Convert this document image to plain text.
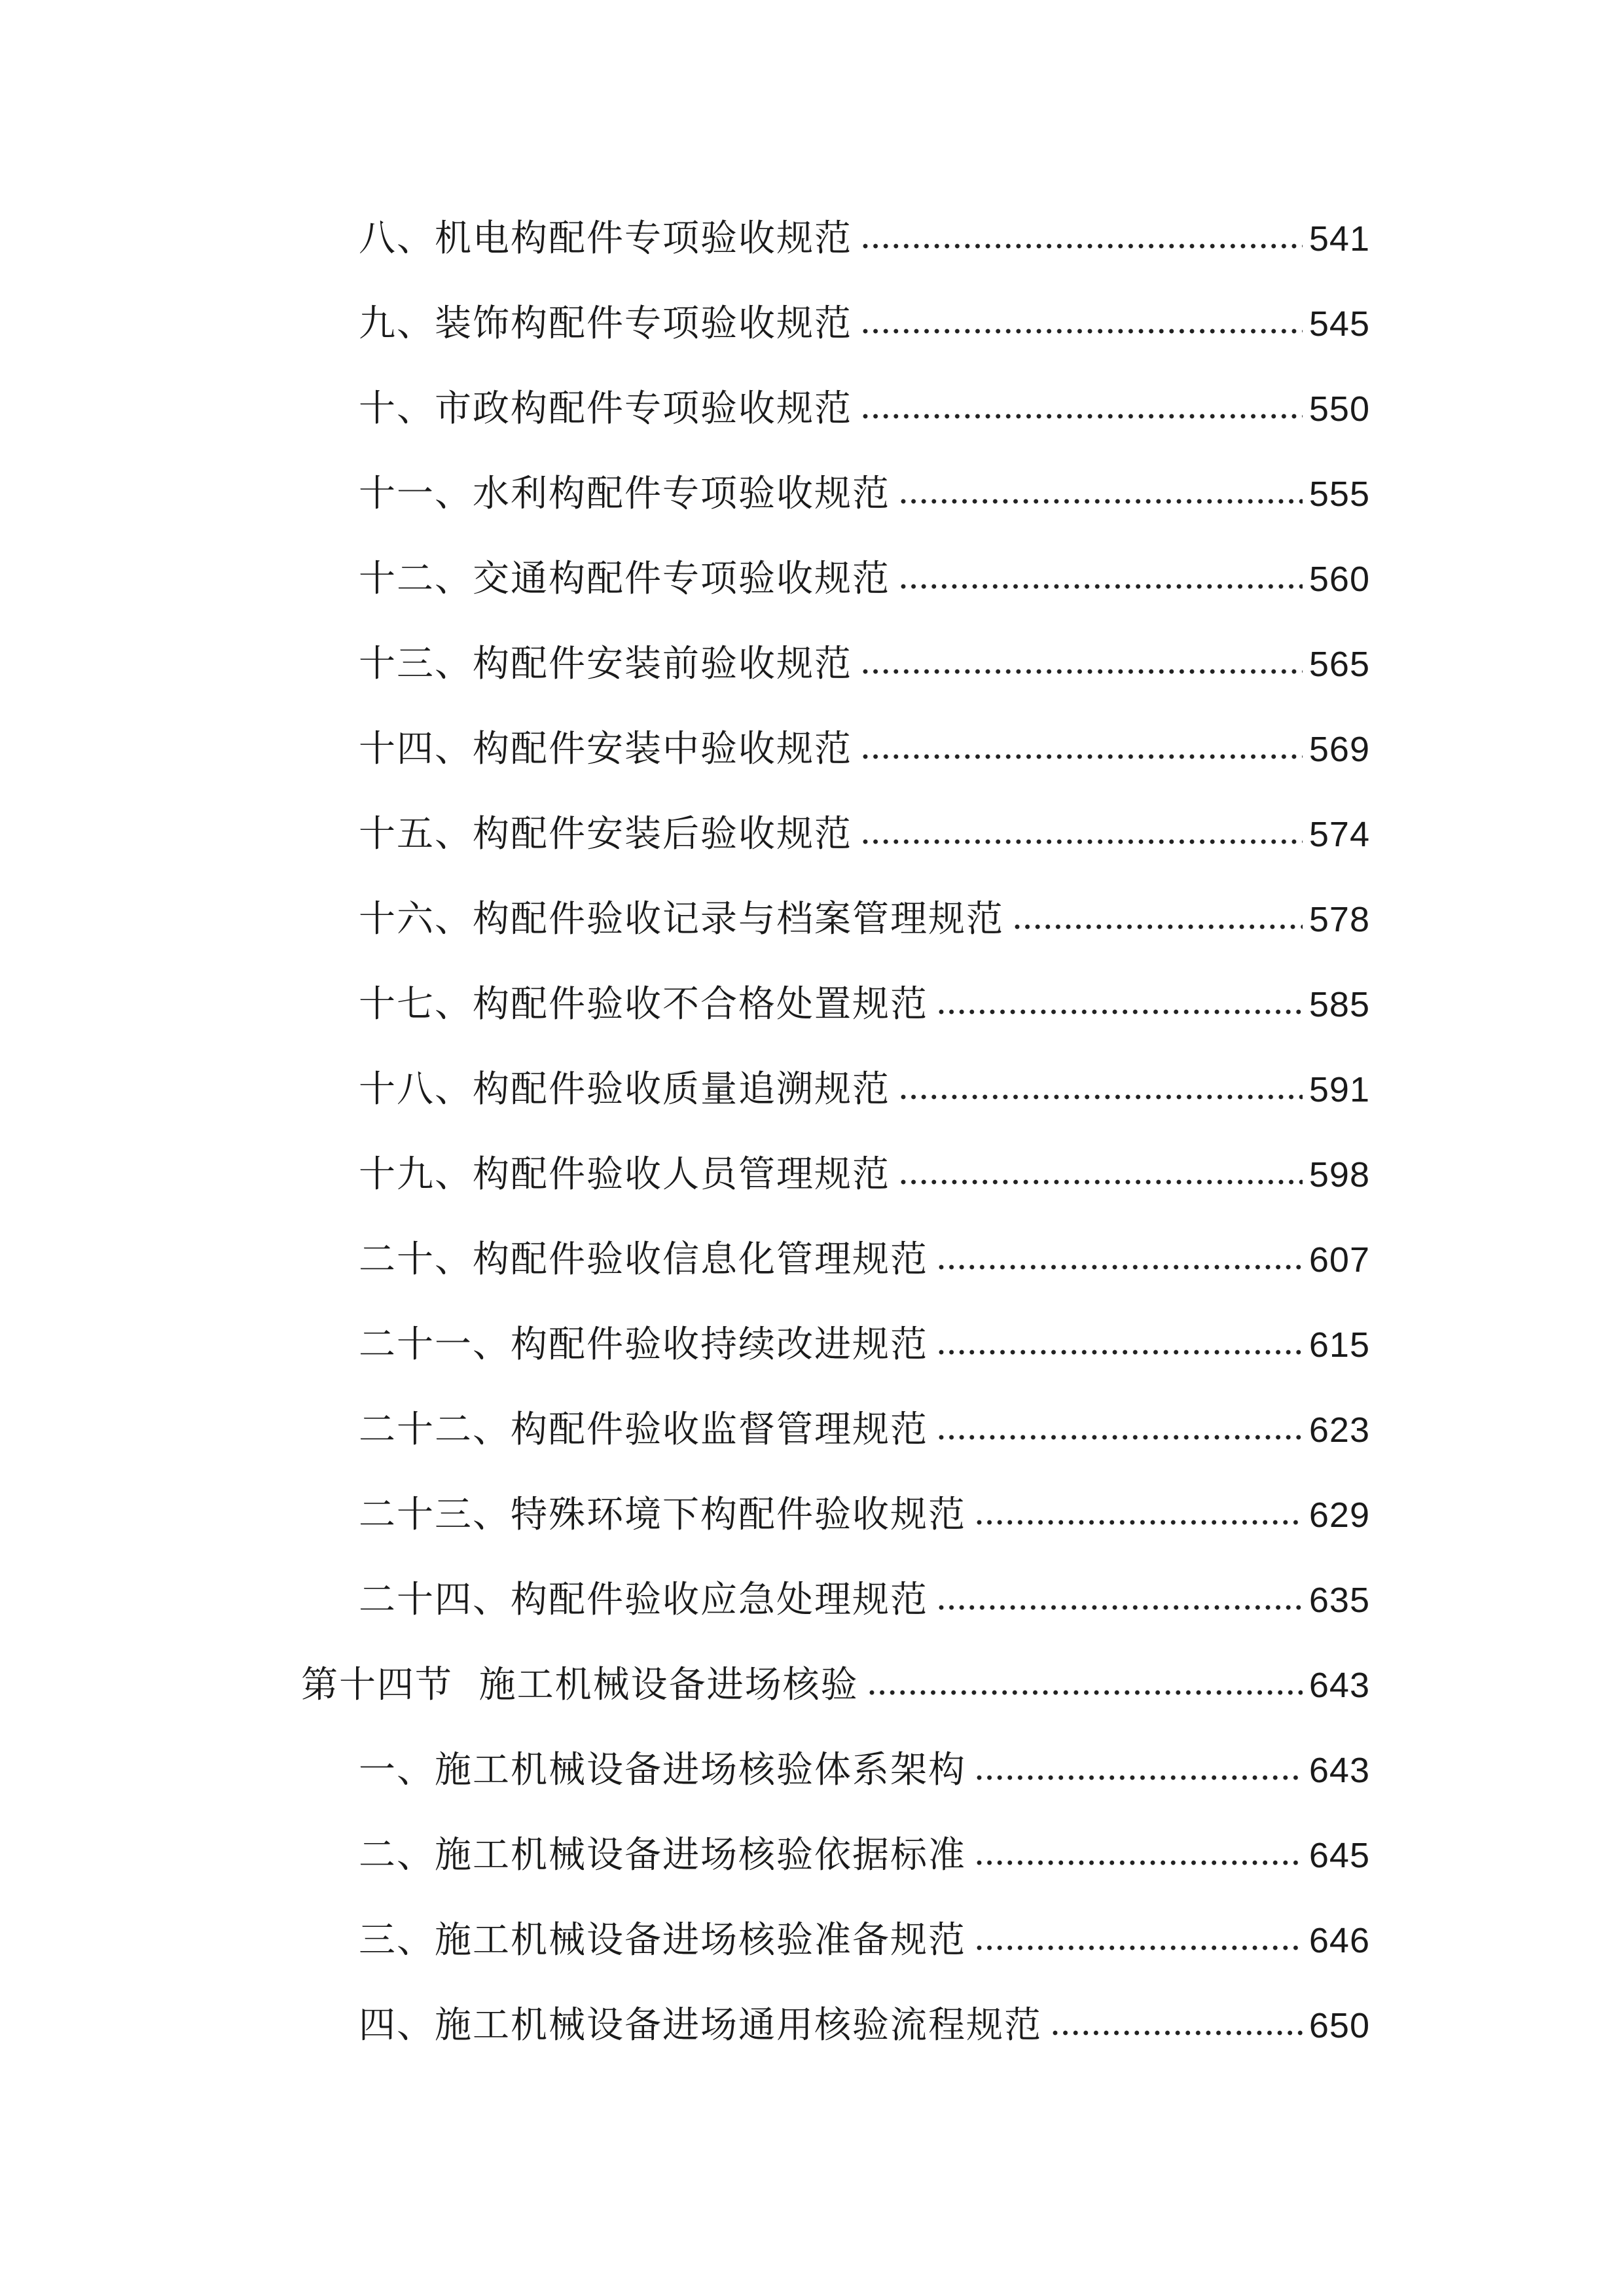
八、机电构配件专项验收规范	541
九、装饰构配件专项验收规范	545
十、市政构配件专项验收规范	550
十一、水利构配件专项验收规范	555
十二、交通构配件专项验收规范	560
十三、构配件安装前验收规范	565
十四、构配件安装中验收规范	569
十五、构配件安装后验收规范	574
十六、构配件验收记录与档案管理规范	578
十七、构配件验收不合格处置规范	585
十八、构配件验收质量追溯规范	591
十九、构配件验收人员管理规范	598
二十、构配件验收信息化管理规范	607
二十一、构配件验收持续改进规范	615
二十二、构配件验收监督管理规范	623
二十三、特殊环境下构配件验收规范	629
二十四、构配件验收应急处理规范	635
第十四节  施工机械设备进场核验	643
一、施工机械设备进场核验体系架构	643
二、施工机械设备进场核验依据标准	645
三、施工机械设备进场核验准备规范	646
四、施工机械设备进场通用核验流程规范	650
